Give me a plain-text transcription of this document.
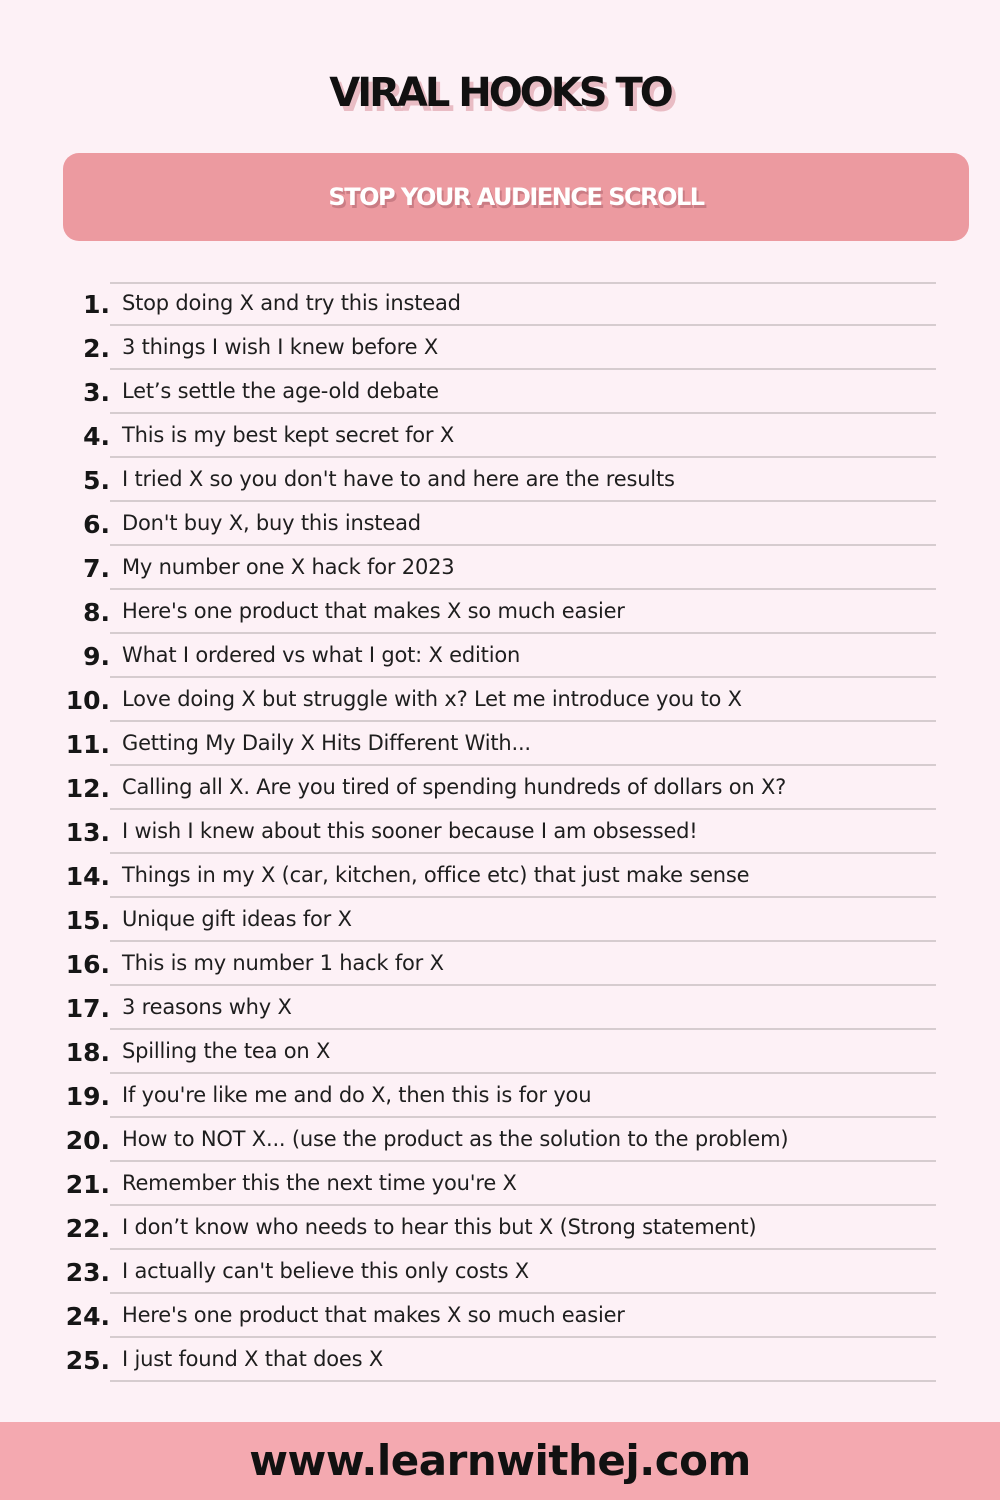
VIRAL HOOKS TO
STOP YOUR AUDIENCE SCROLL
1. Stop doing X and try this instead
2. 3 things I wish I knew before X
3. Let’s settle the age-old debate
4. This is my best kept secret for X
5. I tried X so you don't have to and here are the results
6. Don't buy X, buy this instead
7. My number one X hack for 2023
8. Here's one product that makes X so much easier
9. What I ordered vs what I got: X edition
10. Love doing X but struggle with x? Let me introduce you to X
11. Getting My Daily X Hits Different With...
12. Calling all X. Are you tired of spending hundreds of dollars on X?
13. I wish I knew about this sooner because I am obsessed!
14. Things in my X (car, kitchen, office etc) that just make sense
15. Unique gift ideas for X
16. This is my number 1 hack for X
17. 3 reasons why X
18. Spilling the tea on X
19. If you're like me and do X, then this is for you
20. How to NOT X... (use the product as the solution to the problem)
21. Remember this the next time you're X
22. I don’t know who needs to hear this but X (Strong statement)
23. I actually can't believe this only costs X
24. Here's one product that makes X so much easier
25. I just found X that does X
www.learnwithej.com
